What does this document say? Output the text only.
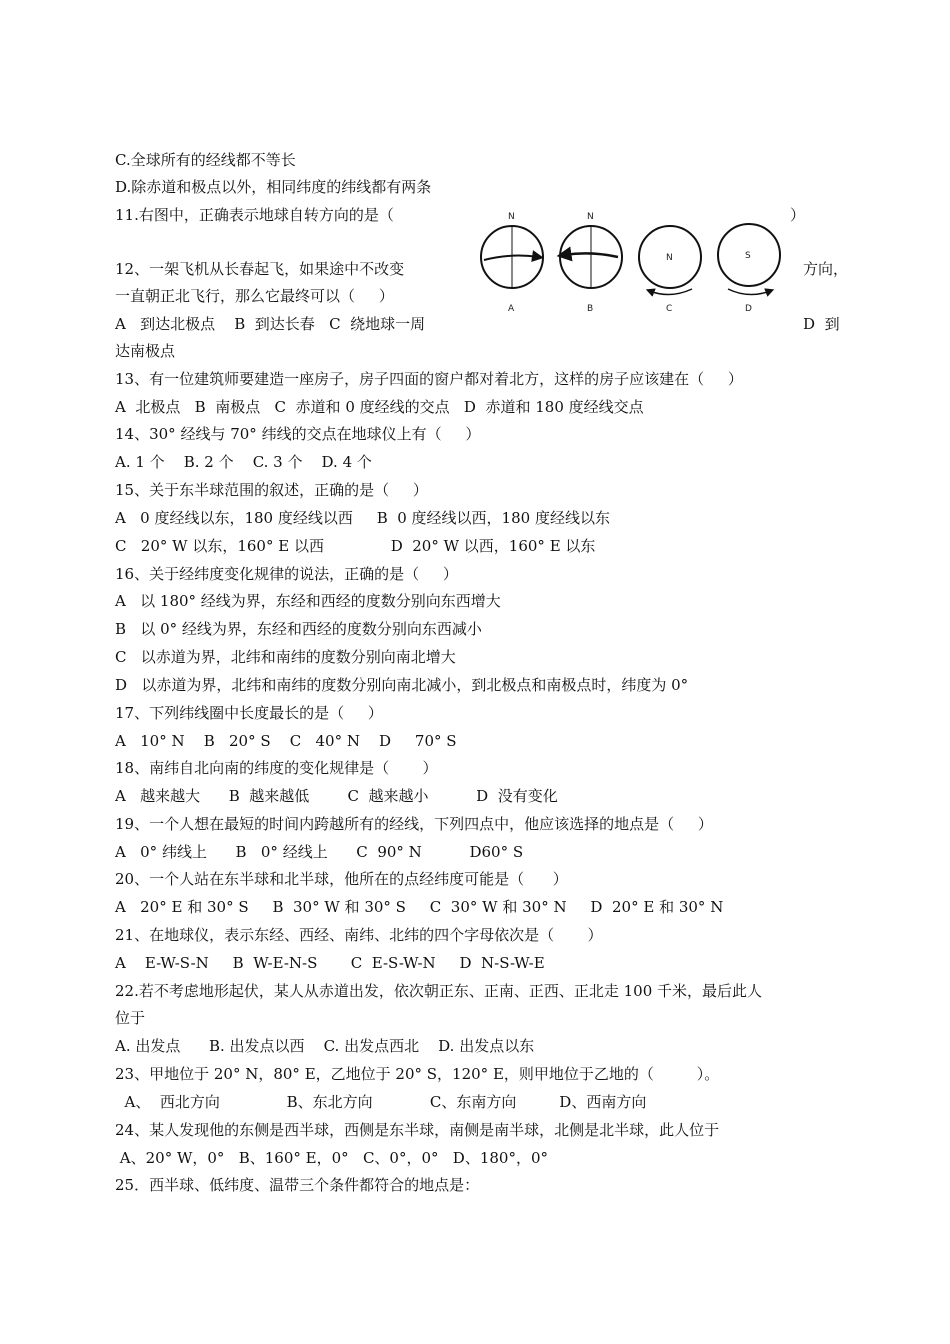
C.全球所有的经线都不等长
D.除赤道和极点以外，相同纬度的纬线都有两条
11.右图中，正确表示地球自转方向的是（
12、一架飞机从长春起飞，如果途中不改变
一直朝正北飞行，那么它最终可以（     ）
A   到达北极点    B  到达长春   C  绕地球一周
达南极点
13、有一位建筑师要建造一座房子，房子四面的窗户都对着北方，这样的房子应该建在（     ）
A  北极点   B  南极点   C  赤道和 0 度经线的交点   D  赤道和 180 度经线交点
14、30° 经线与 70° 纬线的交点在地球仪上有（     ）
A. 1 个    B. 2 个    C. 3 个    D. 4 个
15、关于东半球范围的叙述，正确的是（     ）
A   0 度经线以东，180 度经线以西     B  0 度经线以西，180 度经线以东
C   20° W 以东，160° E 以西              D  20° W 以西，160° E 以东
16、关于经纬度变化规律的说法，正确的是（     ）
A   以 180° 经线为界，东经和西经的度数分别向东西增大
B   以 0° 经线为界，东经和西经的度数分别向东西减小
C   以赤道为界，北纬和南纬的度数分别向南北增大
D   以赤道为界，北纬和南纬的度数分别向南北减小，到北极点和南极点时，纬度为 0°
17、下列纬线圈中长度最长的是（     ）
A   10° N    B   20° S    C   40° N    D     70° S
18、南纬自北向南的纬度的变化规律是（       ）
A   越来越大      B  越来越低        C  越来越小          D  没有变化
19、一个人想在最短的时间内跨越所有的经线，下列四点中，他应该选择的地点是（     ）
A   0° 纬线上      B   0° 经线上      C  90° N          D60° S
20、一个人站在东半球和北半球，他所在的点经纬度可能是（      ）
A   20° E 和 30° S     B  30° W 和 30° S     C  30° W 和 30° N     D  20° E 和 30° N
21、在地球仪，表示东经、西经、南纬、北纬的四个字母依次是（       ）
A    E-W-S-N     B  W-E-N-S       C  E-S-W-N     D  N-S-W-E
22.若不考虑地形起伏，某人从赤道出发，依次朝正东、正南、正西、正北走 100 千米，最后此人
位于
A. 出发点      B. 出发点以西    C. 出发点西北    D. 出发点以东
23、甲地位于 20° N，80° E，乙地位于 20° S，120° E，则甲地位于乙地的（         ）。
A、  西北方向              B、东北方向            C、东南方向         D、西南方向
24、某人发现他的东侧是西半球，西侧是东半球，南侧是南半球，北侧是北半球，此人位于
A、20° W，0°   B、160° E，0°   C、0°，0°   D、180°，0°
25．西半球、低纬度、温带三个条件都符合的地点是：
）
方向，
D  到
N
A
N
B
N
C
S
D
